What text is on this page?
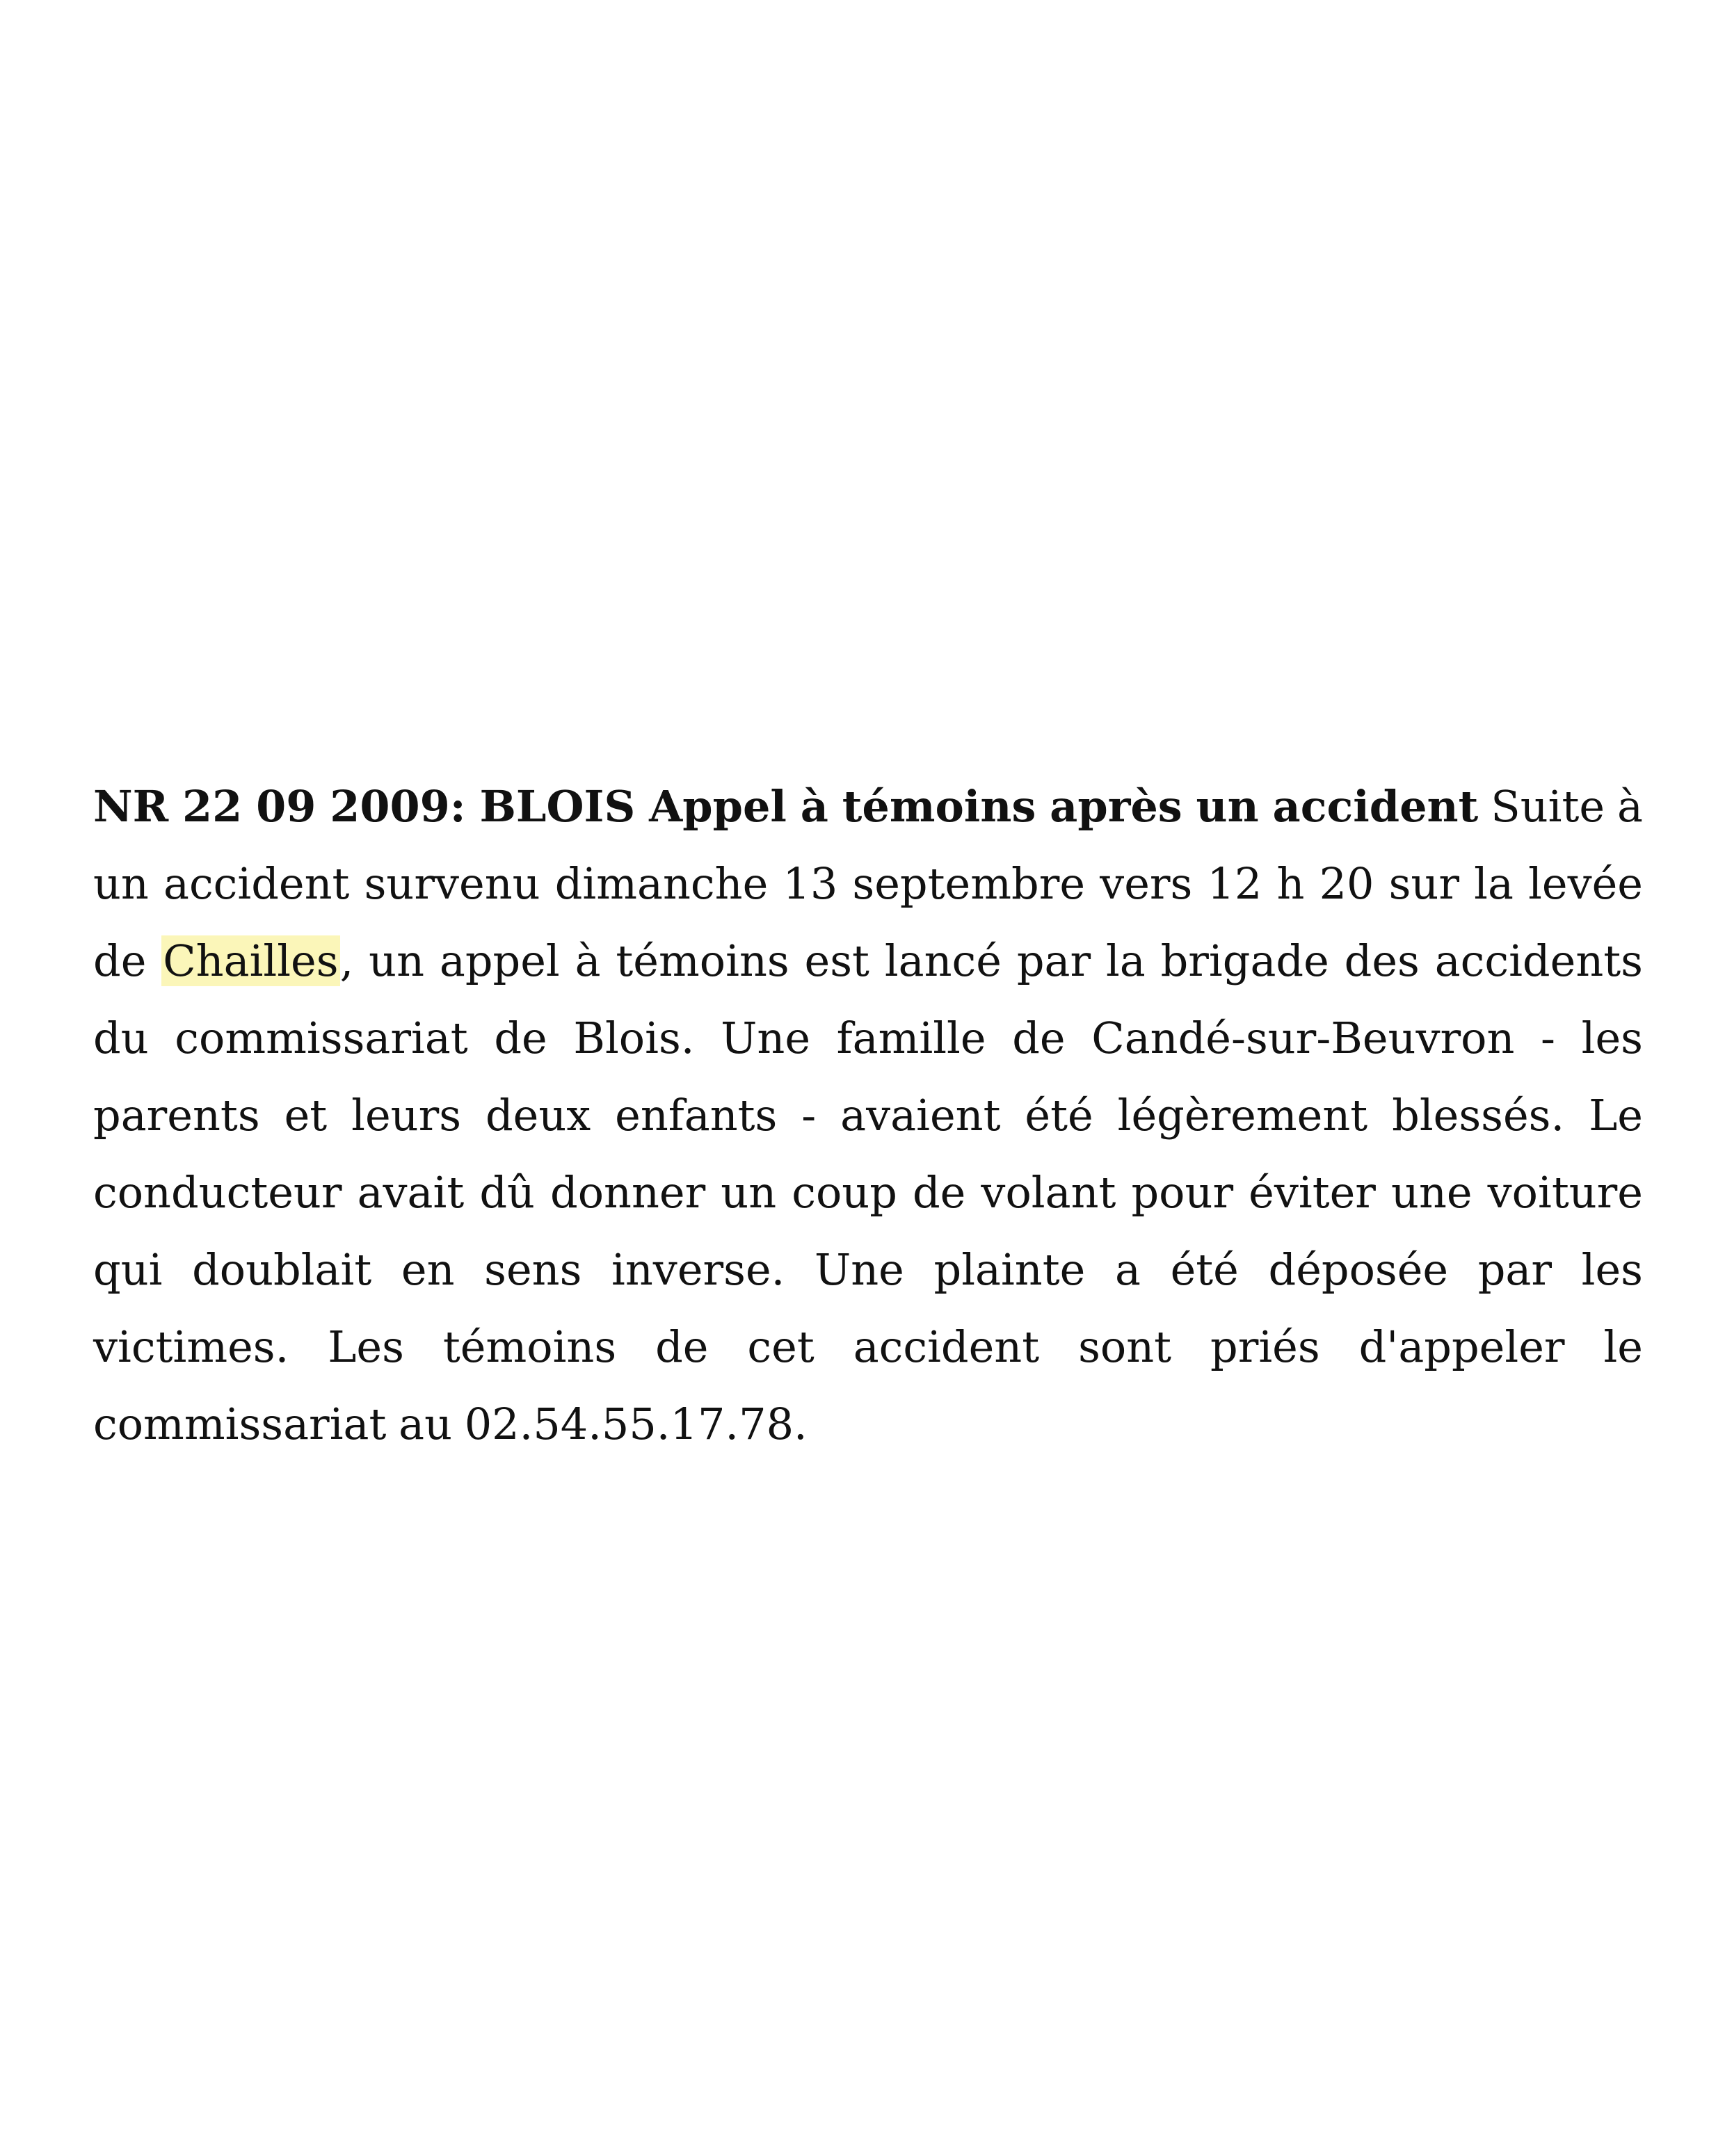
NR 22 09 2009: BLOIS Appel à témoins après un accident Suite à un accident survenu dimanche 13 septembre vers 12 h 20 sur la levée de Chailles, un appel à témoins est lancé par la brigade des accidents du commissariat de Blois. Une famille de Candé-sur-Beuvron - les parents et leurs deux enfants - avaient été légèrement blessés. Le conducteur avait dû donner un coup de volant pour éviter une voiture qui doublait en sens inverse. Une plainte a été déposée par les victimes. Les témoins de cet accident sont priés d'appeler le commissariat au 02.54.55.17.78.
